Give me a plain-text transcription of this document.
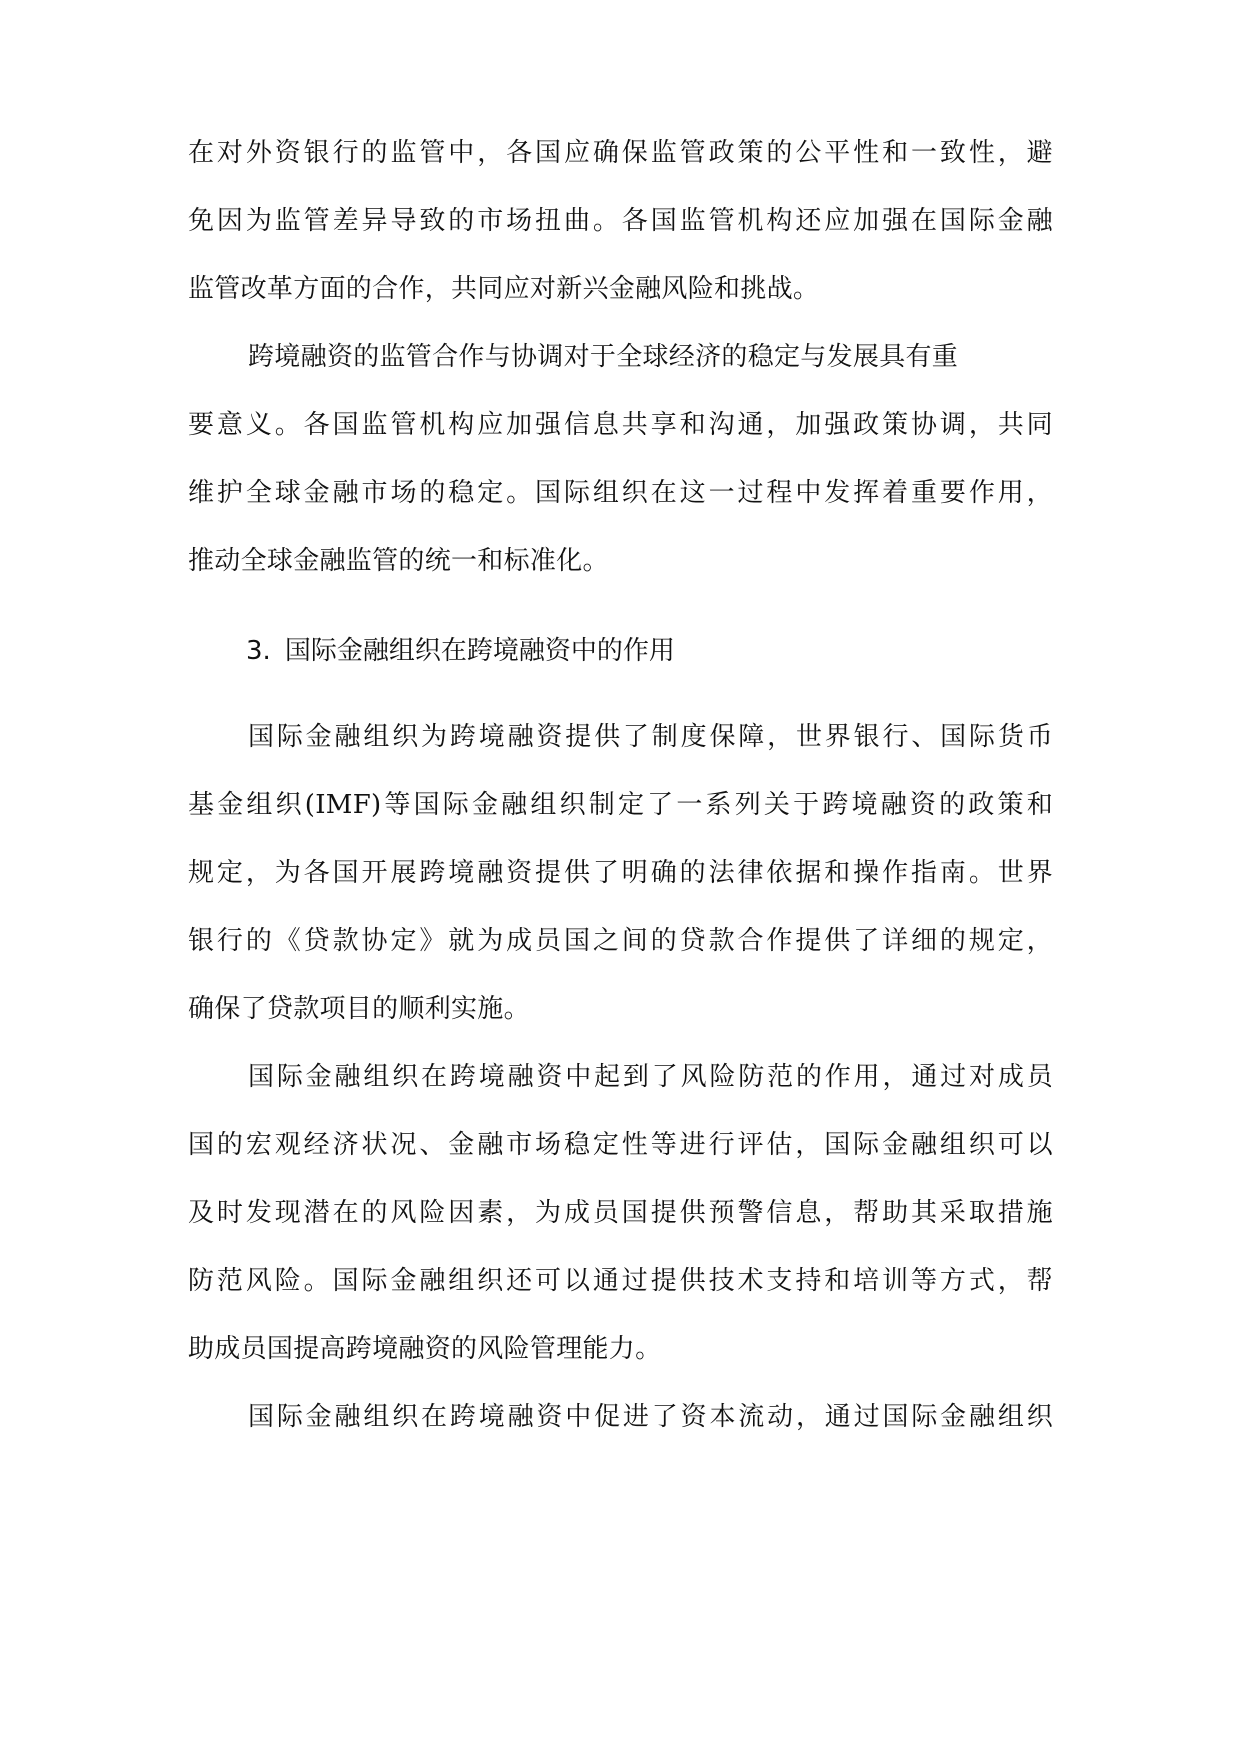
在对外资银行的监管中，各国应确保监管政策的公平性和一致性，避
免因为监管差异导致的市场扭曲。各国监管机构还应加强在国际金融
监管改革方面的合作，共同应对新兴金融风险和挑战。
跨境融资的监管合作与协调对于全球经济的稳定与发展具有重
要意义。各国监管机构应加强信息共享和沟通，加强政策协调，共同
维护全球金融市场的稳定。国际组织在这一过程中发挥着重要作用，
推动全球金融监管的统一和标准化。
3. 国际金融组织在跨境融资中的作用
国际金融组织为跨境融资提供了制度保障，世界银行、国际货币
基金组织(IMF)等国际金融组织制定了一系列关于跨境融资的政策和
规定，为各国开展跨境融资提供了明确的法律依据和操作指南。世界
银行的《贷款协定》就为成员国之间的贷款合作提供了详细的规定，
确保了贷款项目的顺利实施。
国际金融组织在跨境融资中起到了风险防范的作用，通过对成员
国的宏观经济状况、金融市场稳定性等进行评估，国际金融组织可以
及时发现潜在的风险因素，为成员国提供预警信息，帮助其采取措施
防范风险。国际金融组织还可以通过提供技术支持和培训等方式，帮
助成员国提高跨境融资的风险管理能力。
国际金融组织在跨境融资中促进了资本流动，通过国际金融组织
